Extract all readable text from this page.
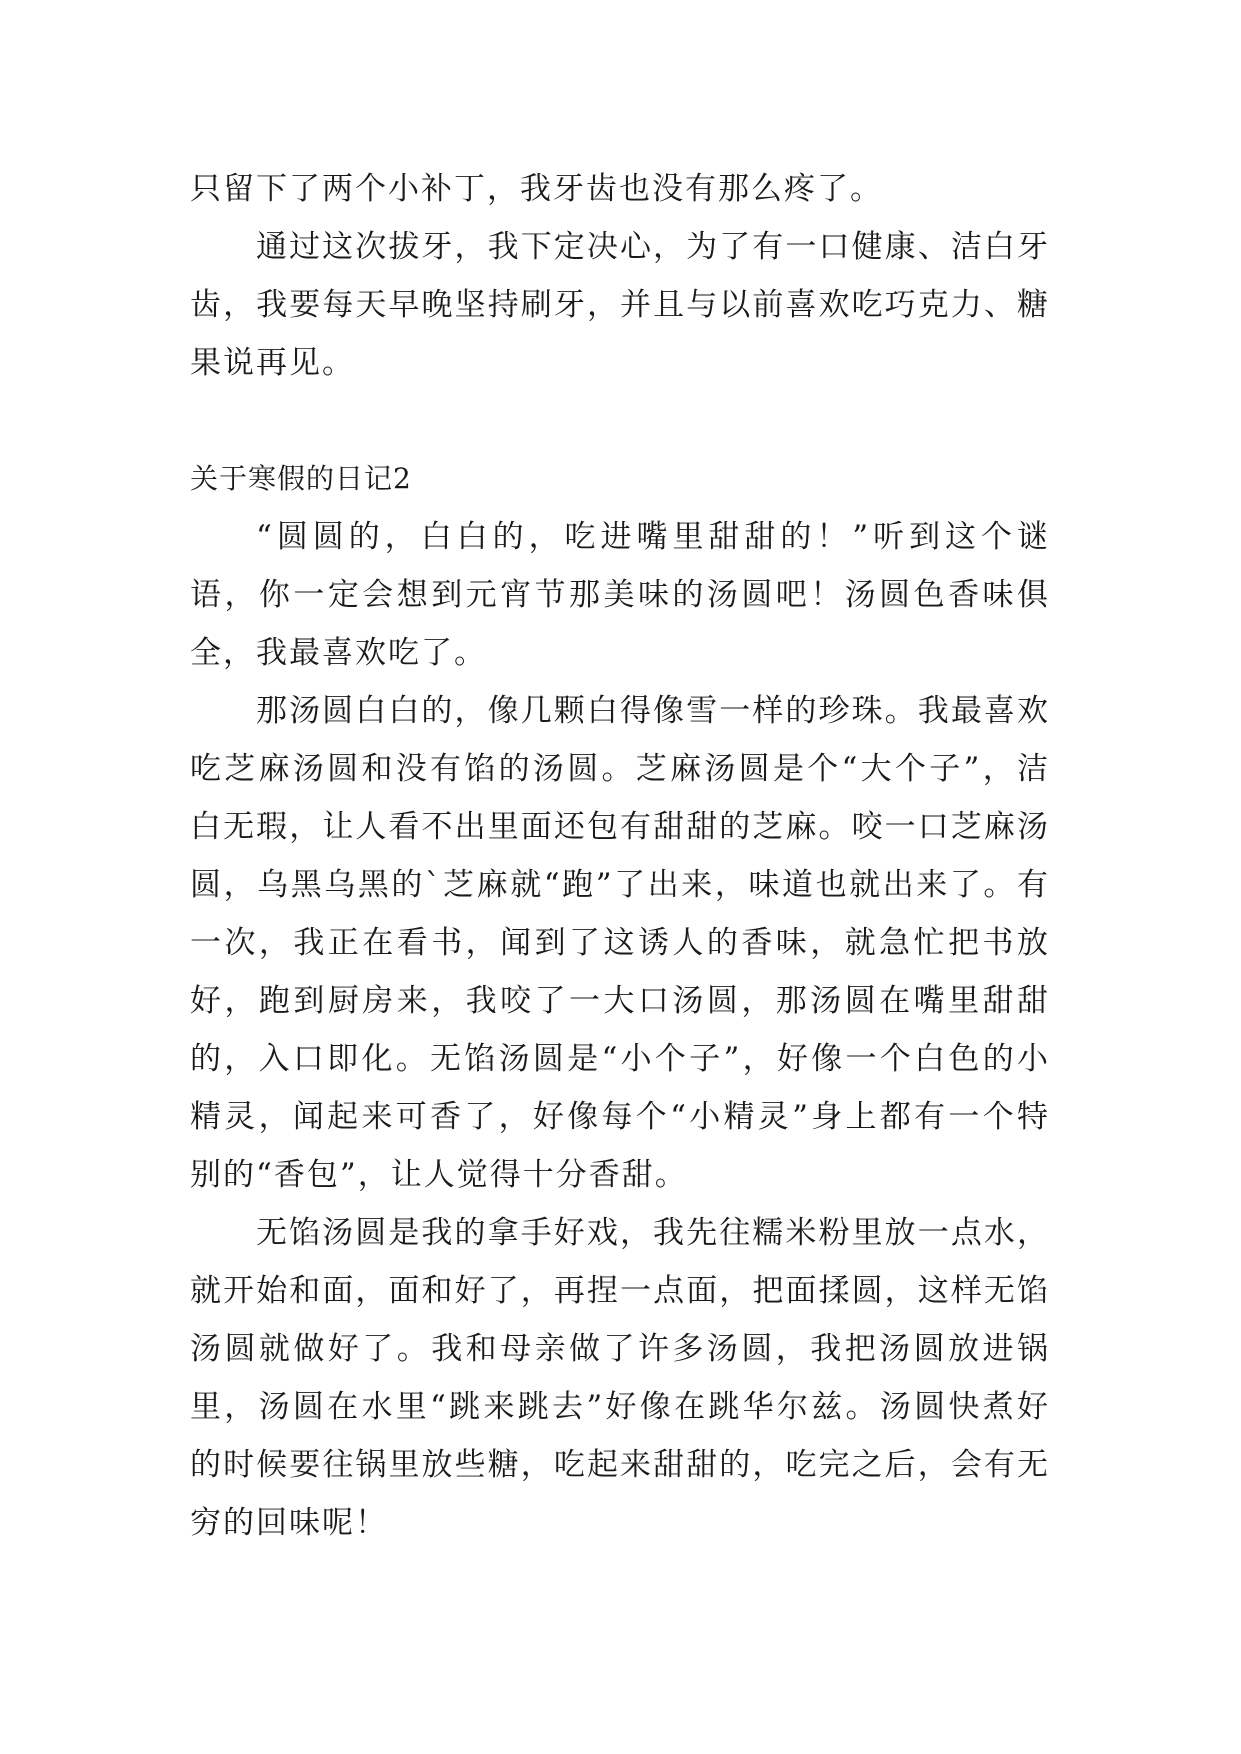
只留下了两个小补丁，我牙齿也没有那么疼了。

通过这次拔牙，我下定决心，为了有一口健康、洁白牙齿，我要每天早晚坚持刷牙，并且与以前喜欢吃巧克力、糖果说再见。

关于寒假的日记2

“圆圆的，白白的，吃进嘴里甜甜的！”听到这个谜语，你一定会想到元宵节那美味的汤圆吧！汤圆色香味俱全，我最喜欢吃了。

那汤圆白白的，像几颗白得像雪一样的珍珠。我最喜欢吃芝麻汤圆和没有馅的汤圆。芝麻汤圆是个“大个子”，洁白无瑕，让人看不出里面还包有甜甜的芝麻。咬一口芝麻汤圆，乌黑乌黑的`芝麻就“跑”了出来，味道也就出来了。有一次，我正在看书，闻到了这诱人的香味，就急忙把书放好，跑到厨房来，我咬了一大口汤圆，那汤圆在嘴里甜甜的，入口即化。无馅汤圆是“小个子”，好像一个白色的小精灵，闻起来可香了，好像每个“小精灵”身上都有一个特别的“香包”，让人觉得十分香甜。

无馅汤圆是我的拿手好戏，我先往糯米粉里放一点水，就开始和面，面和好了，再捏一点面，把面揉圆，这样无馅汤圆就做好了。我和母亲做了许多汤圆，我把汤圆放进锅里，汤圆在水里“跳来跳去”好像在跳华尔兹。汤圆快煮好的时候要往锅里放些糖，吃起来甜甜的，吃完之后，会有无穷的回味呢！
